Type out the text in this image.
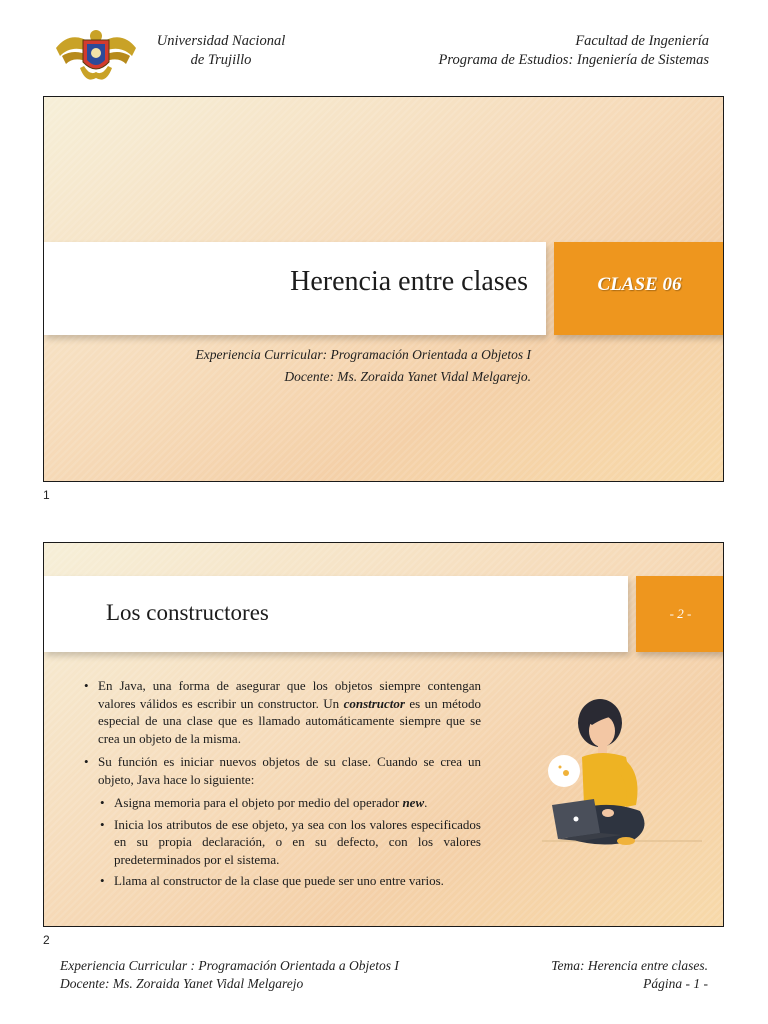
Universidad Nacional
de Trujillo
Facultad de Ingeniería
Programa de Estudios: Ingeniería de Sistemas
Herencia entre clases	CLASE 06
Experiencia Curricular: Programación Orientada a Objetos I
Docente: Ms. Zoraida Yanet Vidal Melgarejo.
1
Los constructores	- 2 -
• En Java, una forma de asegurar que los objetos siempre contengan valores válidos es escribir un constructor. Un constructor es un método especial de una clase que es llamado automáticamente siempre que se crea un objeto de la misma.
• Su función es iniciar nuevos objetos de su clase. Cuando se crea un objeto, Java hace lo siguiente:
• Asigna memoria para el objeto por medio del operador new.
• Inicia los atributos de ese objeto, ya sea con los valores especificados en su propia declaración, o en su defecto, con los valores predeterminados por el sistema.
• Llama al constructor de la clase que puede ser uno entre varios.
2
Experiencia Curricular : Programación Orientada a Objetos I
Docente: Ms. Zoraida Yanet Vidal Melgarejo
Tema: Herencia entre clases.
Página - 1 -
